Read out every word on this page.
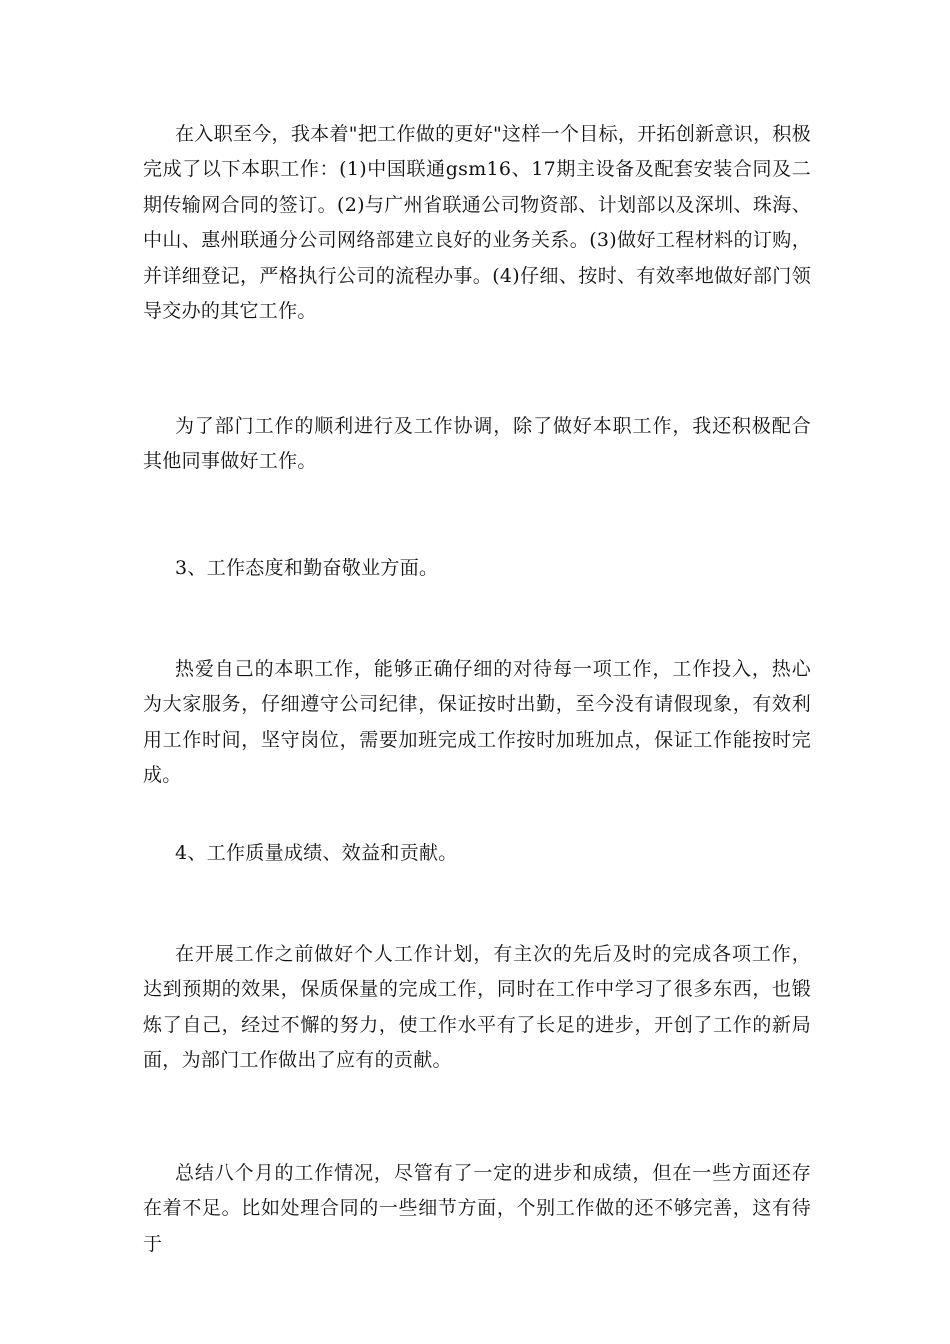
在入职至今，我本着"把工作做的更好"这样一个目标，开拓创新意识，积极完成了以下本职工作：(1)中国联通gsm16、17期主设备及配套安装合同及二期传输网合同的签订。(2)与广州省联通公司物资部、计划部以及深圳、珠海、中山、惠州联通分公司网络部建立良好的业务关系。(3)做好工程材料的订购，并详细登记，严格执行公司的流程办事。(4)仔细、按时、有效率地做好部门领导交办的其它工作。

为了部门工作的顺利进行及工作协调，除了做好本职工作，我还积极配合其他同事做好工作。

3、工作态度和勤奋敬业方面。

热爱自己的本职工作，能够正确仔细的对待每一项工作，工作投入，热心为大家服务，仔细遵守公司纪律，保证按时出勤，至今没有请假现象，有效利用工作时间，坚守岗位，需要加班完成工作按时加班加点，保证工作能按时完成。

4、工作质量成绩、效益和贡献。

在开展工作之前做好个人工作计划，有主次的先后及时的完成各项工作，达到预期的效果，保质保量的完成工作，同时在工作中学习了很多东西，也锻炼了自己，经过不懈的努力，使工作水平有了长足的进步，开创了工作的新局面，为部门工作做出了应有的贡献。

总结八个月的工作情况，尽管有了一定的进步和成绩，但在一些方面还存在着不足。比如处理合同的一些细节方面，个别工作做的还不够完善，这有待于
